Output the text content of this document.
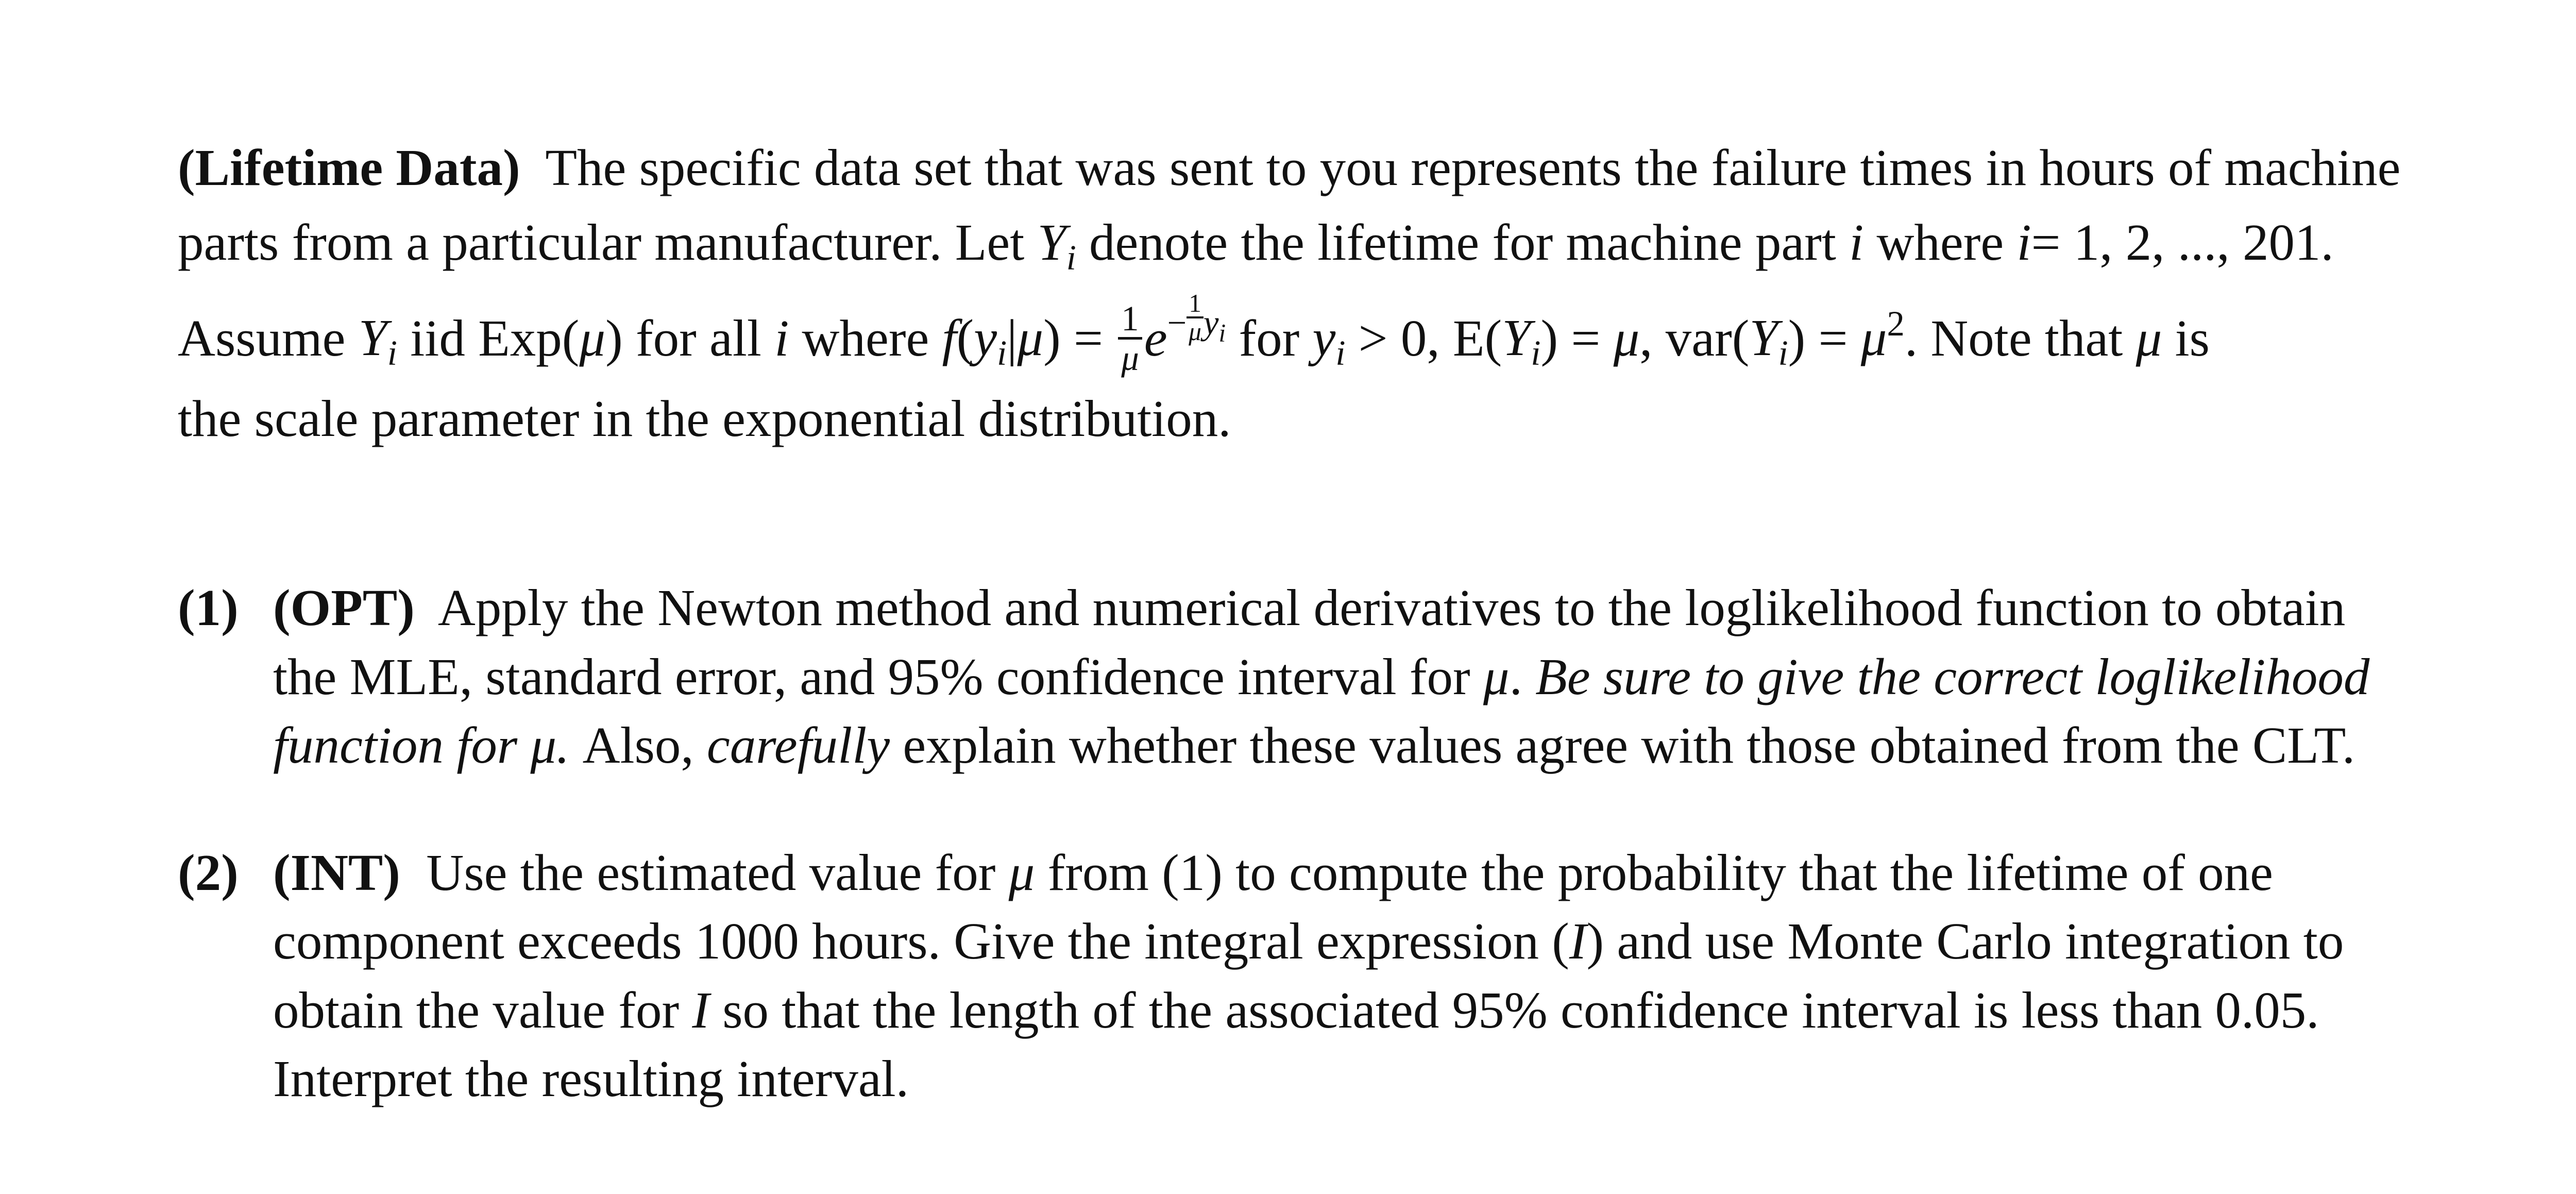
(Lifetime Data) The specific data set that was sent to you represents the failure times in hours of machine
parts from a particular manufacturer. Let $Y_i$ denote the lifetime for machine part i where i= 1, 2, ..., 201.
Assume $Y_i$ iid Exp(μ) for all i where $f(y_i|\mu) = \frac{1}{\mu} e- \frac{1}{\mu} y_i$ for $y_i > 0$, $E(Y_i) = \mu$, $var(Y_i) = \mu^2$. Note that μ is
the scale parameter in the exponential distribution.

(1) (OPT) Apply the Newton method and numerical derivatives to the loglikelihood function to obtain
the MLE, standard error, and 95% confidence interval for μ. Be sure to give the correct loglikelihood
function for μ. Also, carefully explain whether these values agree with those obtained from the CLT.
(2) (INT) Use the estimated value for μ from (1) to compute the probability that the lifetime of one
component exceeds 1000 hours. Give the integral expression (I) and use Monte Carlo integration to
obtain the value for I so that the length of the associated 95% confidence interval is less than 0.05.
Interpret the resulting interval.
